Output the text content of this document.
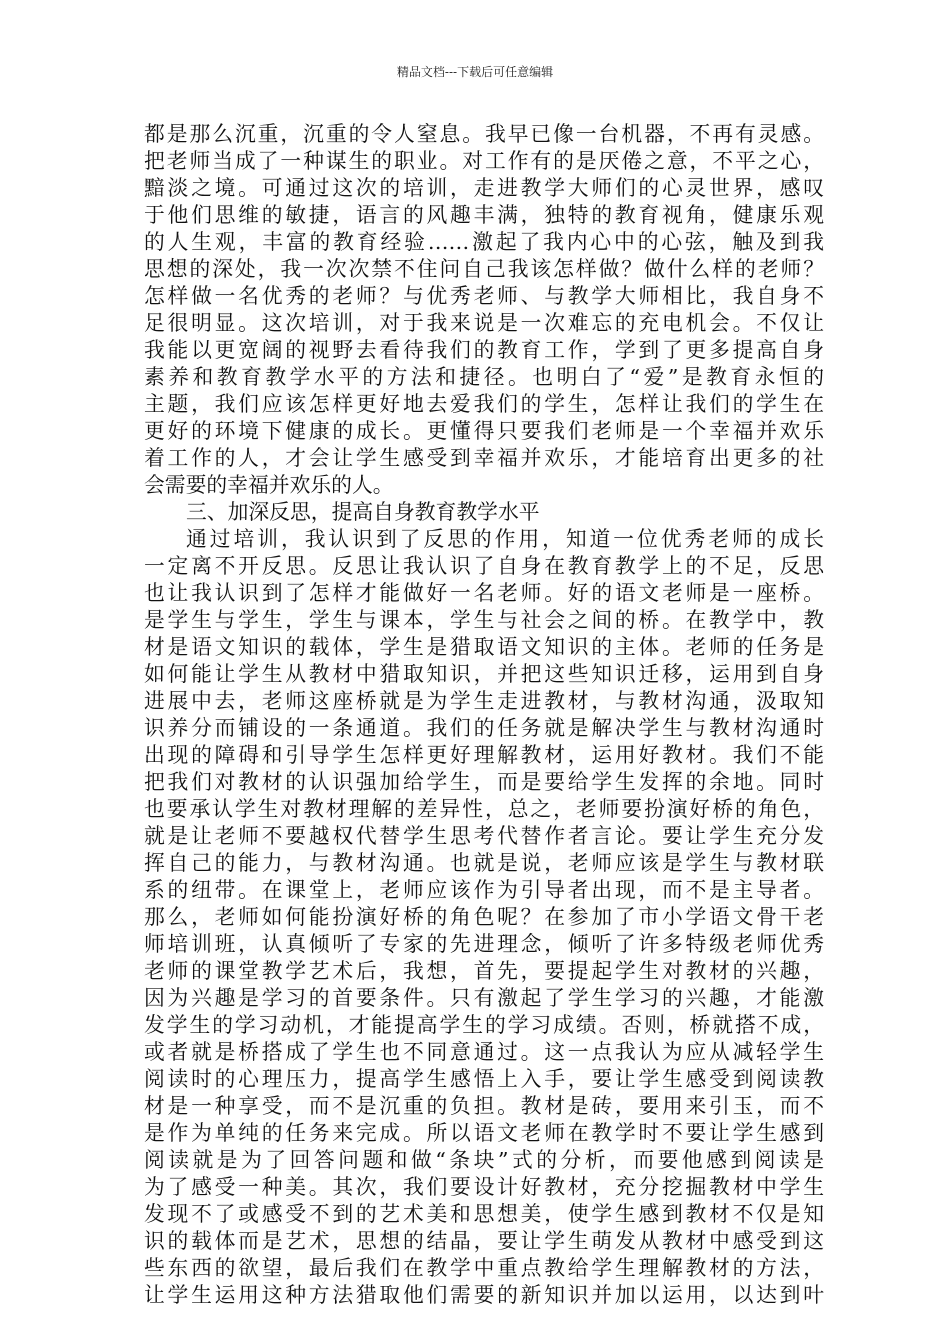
精品文档---下载后可任意编辑
都是那么沉重，沉重的令人窒息。我早已像一台机器，不再有灵感。
把老师当成了一种谋生的职业。对工作有的是厌倦之意，不平之心，
黯淡之境。可通过这次的培训，走进教学大师们的心灵世界，感叹
于他们思维的敏捷，语言的风趣丰满，独特的教育视角，健康乐观
的人生观，丰富的教育经验……激起了我内心中的心弦，触及到我
思想的深处，我一次次禁不住问自己我该怎样做？做什么样的老师？
怎样做一名优秀的老师？与优秀老师、与教学大师相比，我自身不
足很明显。这次培训，对于我来说是一次难忘的充电机会。不仅让
我能以更宽阔的视野去看待我们的教育工作，学到了更多提高自身
素养和教育教学水平的方法和捷径。也明白了“爱”是教育永恒的
主题，我们应该怎样更好地去爱我们的学生，怎样让我们的学生在
更好的环境下健康的成长。更懂得只要我们老师是一个幸福并欢乐
着工作的人，才会让学生感受到幸福并欢乐，才能培育出更多的社
会需要的幸福并欢乐的人。
三、加深反思，提高自身教育教学水平
通过培训，我认识到了反思的作用，知道一位优秀老师的成长
一定离不开反思。反思让我认识了自身在教育教学上的不足，反思
也让我认识到了怎样才能做好一名老师。好的语文老师是一座桥。
是学生与学生，学生与课本，学生与社会之间的桥。在教学中，教
材是语文知识的载体，学生是猎取语文知识的主体。老师的任务是
如何能让学生从教材中猎取知识，并把这些知识迁移，运用到自身
进展中去，老师这座桥就是为学生走进教材，与教材沟通，汲取知
识养分而铺设的一条通道。我们的任务就是解决学生与教材沟通时
出现的障碍和引导学生怎样更好理解教材，运用好教材。我们不能
把我们对教材的认识强加给学生，而是要给学生发挥的余地。同时
也要承认学生对教材理解的差异性，总之，老师要扮演好桥的角色，
就是让老师不要越权代替学生思考代替作者言论。要让学生充分发
挥自己的能力，与教材沟通。也就是说，老师应该是学生与教材联
系的纽带。在课堂上，老师应该作为引导者出现，而不是主导者。
那么，老师如何能扮演好桥的角色呢？在参加了市小学语文骨干老
师培训班，认真倾听了专家的先进理念，倾听了许多特级老师优秀
老师的课堂教学艺术后，我想，首先，要提起学生对教材的兴趣，
因为兴趣是学习的首要条件。只有激起了学生学习的兴趣，才能激
发学生的学习动机，才能提高学生的学习成绩。否则，桥就搭不成，
或者就是桥搭成了学生也不同意通过。这一点我认为应从减轻学生
阅读时的心理压力，提高学生感悟上入手，要让学生感受到阅读教
材是一种享受，而不是沉重的负担。教材是砖，要用来引玉，而不
是作为单纯的任务来完成。所以语文老师在教学时不要让学生感到
阅读就是为了回答问题和做“条块”式的分析，而要他感到阅读是
为了感受一种美。其次，我们要设计好教材，充分挖掘教材中学生
发现不了或感受不到的艺术美和思想美，使学生感到教材不仅是知
识的载体而是艺术，思想的结晶，要让学生萌发从教材中感受到这
些东西的欲望，最后我们在教学中重点教给学生理解教材的方法，
让学生运用这种方法猎取他们需要的新知识并加以运用，以达到叶
